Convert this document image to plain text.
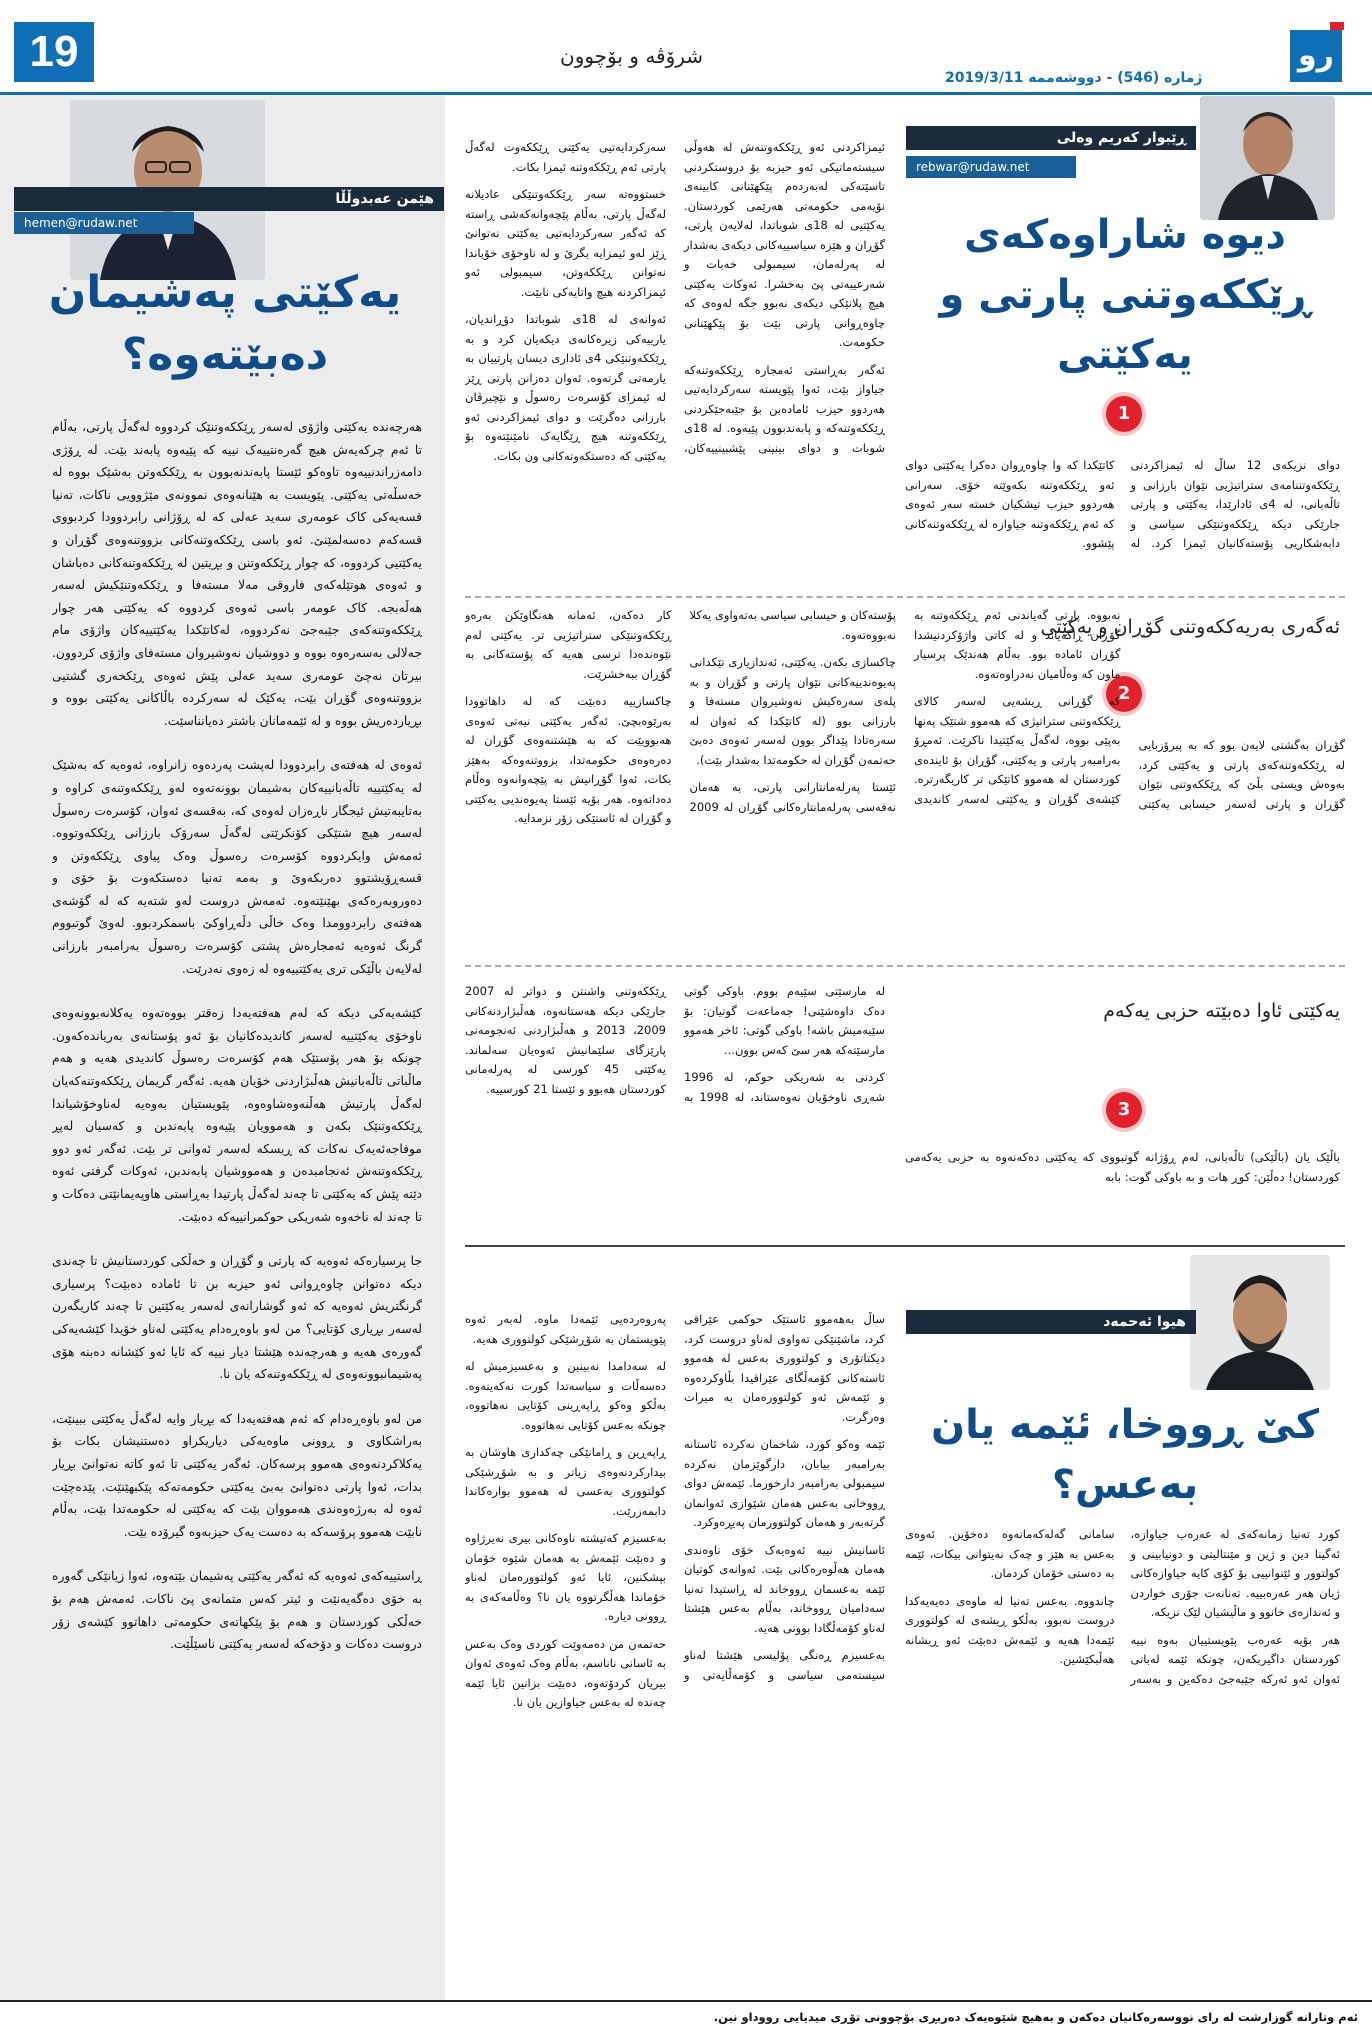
19	شرۆڤە و بۆچوون
ژمارە (546) - دووشەممە 2019/3/11
رو
هێمن عەبدوڵڵا
hemen@rudaw.net
یەکێتی پەشیمان دەبێتەوە؟

هەرچەندە یەکێتی واژۆی لەسەر ڕێککەوتنێک کردووە لەگەڵ پارتی، بەڵام تا ئەم چرکەیەش هیچ گەرەنتییەک نییە کە پێیەوە پابەند بێت. لە ڕۆژی دامەزراندنییەوە تاوەکو ئێستا پابەندنەبوون بە ڕێککەوتن بەشێک بووە لە خەسڵەتی یەکێتی. پێویست بە هێنانەوەی نموونەی مێژوویی ناکات، تەنیا قسەیەکی کاک عومەری سەید عەلی کە لە ڕۆژانی رابردوودا کردبووی قسەکەم دەسەلمێنێ. ئەو باسی ڕێککەوتنەکانی بزووتنەوەی گۆڕان و یەکێتیی کردووە، کە چوار ڕێککەوتنن و بڕیتین لە ڕێککەوتنەکانی دەباشان و ئەوەی هوتێلەکەی فاروقی مەلا مستەفا و ڕێککەوتنێکیش لەسەر هەڵەبجە. کاک عومەر باسی ئەوەی کردووە کە یەکێتی هەر چوار ڕێککەوتنەکەی جێبەجێ نەکردووە، لەکاتێکدا یەکێتییەکان واژۆی مام جەلالی بەسەرەوە بووە و دووشیان نەوشیروان مستەفای واژۆی کردوون. بیرتان نەچێ عومەری سەید عەلی پێش ئەوەی ڕێکخەری گشتیی بزووتنەوەی گۆڕان بێت، یەکێک لە سەرکردە باڵاکانی یەکێتی بووە و بڕیاردەریش بووە و لە ئێمەمانان باشتر دەیانناسێت.

ئەوەی لە هەفتەی رابردوودا لەپشت پەردەوە زانراوە، ئەوەیە کە بەشێک لە یەکێتییە تاڵەبانییەکان بەشیمان بوونەتەوە لەو ڕێککەوتنەی کراوە و بەتایبەتیش ئیجگار ناڕەزان لەوەی کە، بەقسەی ئەوان، کۆسرەت رەسوڵ لەسەر هیچ شتێکی کۆنکرێتی لەگەڵ سەرۆک بارزانی ڕێککەوتووە. ئەمەش وایکردووە کۆسرەت رەسوڵ وەک پیاوی ڕێککەوتن و قسەڕۆیشتوو دەربکەوێ و بەمە تەنیا دەستکەوت بۆ خۆی و دەوروبەرەکەی بهێنێتەوە. ئەمەش دروست لەو شتەیە کە لە گۆشەی هەفتەی رابردوومدا وەک خاڵی دڵەڕاوکێ باسمکردبوو. لەوێ گوتبووم گرنگ ئەوەیە ئەمجارەش پشتی کۆسرەت رەسوڵ بەرامبەر بارزانی لەلایەن باڵێکی تری یەکێتییەوە لە زەوی نەدرێت.

کێشەیەکی دیکە کە لەم هەفتەیەدا زەقتر بووەتەوە یەکلانەبوونەوەی ناوخۆی یەکێتییە لەسەر کاندیدەکانیان بۆ ئەو پۆستانەی بەریاندەکەون. چونکە بۆ هەر پۆستێک هەم کۆسرەت رەسوڵ کاندیدی هەیە و هەم ماڵباتی تاڵەبانیش هەڵبژاردنی خۆیان هەیە. ئەگەر گریمان ڕێککەوتنەکەیان لەگەڵ پارتیش هەڵنەوەشاوەوە، پێویستیان بەوەیە لەناوخۆشیاندا ڕێککەوتنێک بکەن و هەموویان پێیەوە پابەندبن و کەسیان لەپڕ موفاجەئەیەک نەکات کە ڕیسکە لەسەر ئەوانی تر بێت. ئەگەر ئەو دوو ڕێککەوتنەش ئەنجامبدەن و هەمووشیان پابەندبن، ئەوکات گرفتی ئەوە دێتە پێش کە یەکێتی تا چەند لەگەڵ پارتیدا بەڕاستی هاوپەیمانێتی دەکات و تا چەند لە ناخەوە شەریکی حوکمرانییەکە دەبێت.

جا پرسیارەکە ئەوەیە کە پارتی و گۆڕان و خەڵکی کوردستانیش تا چەندی دیکە دەتوانن چاوەڕوانی ئەو حیزبە بن تا ئامادە دەبێت؟ پرسیاری گرنگتریش ئەوەیە کە ئەو گوشارانەی لەسەر یەکێتین تا چەند کاریگەرن لەسەر بڕیاری کۆتایی؟ من لەو باوەڕەدام یەکێتی لەناو خۆیدا کێشەیەکی گەورەی هەیە و هەرچەندە هێشتا دیار نییە کە ئایا ئەو کێشانە دەبنە هۆی پەشیمانبوونەوەی لە ڕێککەوتنەکە یان نا.

من لەو باوەڕەدام کە ئەم هەفتەیەدا کە بڕیار وایە لەگەڵ یەکێتی ببینێت، بەراشکاوی و ڕوونی ماوەیەکی دیاریکراو دەستنیشان بکات بۆ یەکلاکردنەوەی هەموو پرسەکان. ئەگەر یەکێتی تا ئەو کاتە نەتوانێ بڕیار بدات، ئەوا پارتی دەتوانێ بەبێ یەکێتی حکومەتەکە پێکبهێنێت. پێدەچێت ئەوە لە بەرژەوەندی هەمووان بێت کە یەکێتی لە حکومەتدا بێت، بەڵام نابێت هەموو پرۆسەکە بە دەست یەک حیزبەوە گیرۆدە بێت.

ڕاستییەکەی ئەوەیە کە ئەگەر یەکێتی پەشیمان بێتەوە، ئەوا زیانێکی گەورە بە خۆی دەگەیەنێت و ئیتر کەس متمانەی پێ ناکات. ئەمەش هەم بۆ خەڵکی کوردستان و هەم بۆ پێکهاتەی حکومەتی داهاتوو کێشەی زۆر دروست دەکات و دۆخەکە لەسەر یەکێتی ناسێڵێت.

ڕێبوار کەریم وەلی
rebwar@rudaw.net
دیوە شاراوەکەی ڕێککەوتنی پارتی و یەکێتی
1

دوای نزیکەی 12 ساڵ لە ئیمزاکردنی ڕێککەوتننامەی ستراتیژیی نێوان بارزانی و تاڵەبانی، لە 4ی ئادارێدا، یەکێتی و پارتی جارێکی دیکە ڕێککەوتنێکی سیاسی و دابەشکاریی پۆستەکانیان ئیمزا کرد. لە کاتێکدا کە وا چاوەڕوان دەکرا یەکێتی دوای ئەو ڕێککەوتنە بکەوێتە خۆی. سەرانی هەردوو حیزب تیشکیان خستە سەر ئەوەی کە ئەم ڕێککەوتنە جیاوازە لە ڕێککەوتنەکانی پێشوو.

ئیمزاکردنی ئەو ڕێککەوتنەش لە هەوڵی سیستەماتیکی ئەو حیزبە بۆ دروستکردنی تاسێتەکی لەبەردەم پێکهێنانی کابینەی نۆیەمی حکومەتی هەرێمی کوردستان. یەکێتیی لە 18ی شوباتدا، لەلایەن پارتی، گۆڕان و هێزە سیاسییەکانی دیکەی بەشدار لە پەرلەمان، سیمبولی خەبات و شەرعییەتی پێ بەخشرا. ئەوکات یەکێتی هیچ پلانێکی دیکەی نەبوو جگە لەوەی کە چاوەڕوانی پارتی بێت بۆ پێکهێنانی حکومەت.

ئەگەر بەڕاستی ئەمجارە ڕێککەوتنەکە جیاواز بێت، ئەوا پێویستە سەرکردایەتیی هەردوو حیزب ئامادەبن بۆ جێبەجێکردنی ڕێککەوتنەکە و پابەندبوون پێیەوە. لە 18ی شوبات و دوای بینینی پێشبینییەکان، سەرکردایەتیی یەکێتی ڕێککەوت لەگەڵ پارتی ئەم ڕێککەوتنە ئیمزا بکات.

خستووەتە سەر ڕێککەوتنێکی عادیلانە لەگەڵ پارتی، بەڵام پێچەوانەکەشی ڕاستە کە ئەگەر سەرکردایەتیی یەکێتی نەتوانێ ڕێز لەو ئیمزایە بگرێ و لە ناوخۆی خۆیاندا نەتوانن ڕێککەوتن، سیمبولی ئەو ئیمزاکردنە هیچ واتایەکی نابێت.

ئەوانەی لە 18ی شوباتدا دۆڕاندیان، یارییەکی زیرەکانەی دیکەیان کرد و بە ڕێککەوتنێکی 4ی ئاداری دیسان پارتییان بە یارمەتی گرتەوە. ئەوان دەزانن پارتی ڕێز لە ئیمزای کۆسرەت رەسوڵ و نێچیرڤان بارزانی دەگرێت و دوای ئیمزاکردنی ئەو ڕێککەوتنە هیچ ڕێگایەک نامێنێتەوە بۆ یەکێتی کە دەستکەوتەکانی ون بکات.

ئەگەری بەریەککەوتنی گۆڕان و یەکێتی
2

گۆڕان بەگشتی لایەن بوو کە بە پیرۆزبایی لە ڕێککەوتنەکەی پارتی و یەکێتی کرد، بەوەش ویستی بڵێ کە ڕێککەوتنی نێوان گۆڕان و پارتی لەسەر حیسابی یەکێتی نەبووە. پارتی گەیاندنی ئەم ڕێککەوتنە بە گۆڕان ڕاگەیاند و لە کاتی واژۆکردنیشدا گۆڕان ئامادە بوو. بەڵام هەندێک پرسیار ماون کە وەڵامیان نەدراوەتەوە.

کە گۆڕانی ڕیشەیی لەسەر کالای ڕێککەوتنی ستراتیژی کە هەموو شتێک پەنها بەپێی بووە، لەگەڵ یەکێتیدا ناکرێت. ئەمڕۆ بەرامبەر پارتی و یەکێتی، گۆڕان بۆ ئایندەی کوردستان لە هەموو کاتێکی تر کاریگەرترە. کێشەی گۆڕان و یەکێتی لەسەر کاندیدی پۆستەکان و حیسابی سیاسی بەتەواوی یەکلا نەبووەتەوە.

چاکسازی بکەن. یەکێتی، ئەندازیاری تێکدانی پەیوەندییەکانی نێوان پارتی و گۆڕان و بە پلەی سەرەکیش نەوشیروان مستەفا و بارزانی بوو (لە کاتێکدا کە ئەوان لە سەرەتادا پێداگر بوون لەسەر ئەوەی دەبێ حەتمەن گۆڕان لە حکومەتدا بەشدار بێت).

ئێستا پەرلەمانتارانی پارتی، بە هەمان نەفەسی پەرلەمانتارەکانی گۆڕان لە 2009 کار دەکەن، ئەمانە هەنگاوێکن بەرەو ڕێککەوتنێکی ستراتیژیی تر. یەکێتی لەم نێوەندەدا ترسی هەیە کە پۆستەکانی بە گۆڕان ببەخشرێت.

چاکسازییە دەبێت کە لە داهاتوودا بەرێوەبچێ. ئەگەر یەکێتی نیەتی ئەوەی هەبووبێت کە بە هێشتنەوەی گۆڕان لە دەرەوەی حکومەتدا، بزووتنەوەکە بەهێز بکات، ئەوا گۆڕانیش بە پێچەوانەوە وەڵام دەداتەوە. هەر بۆیە ئێستا پەیوەندیی یەکێتی و گۆڕان لە ئاستێکی زۆر نزمدایە.

یەکێتی ئاوا دەبێتە حزبی یەکەم
3

باڵێک یان (باڵێکی) تاڵەبانی، لەم ڕۆژانە گوتبووی کە یەکێتی دەکەنەوە بە حزبی یەکەمی کوردستان! دەڵێن: کوڕ هات و بە باوکی گوت: بابە

لە مارسێتی سێیەم بووم. باوکی گوتی دەک داوەشێنی! جەماعەت گوتیان: بۆ سێیەمیش باشە! باوکی گوتی: ئاخر هەموو مارسێتەکە هەر سێ کەس بوون...

کردنی بە شەریکی حوکم، لە 1996 شەڕی ناوخۆیان نەوەستاند، لە 1998 بە ڕێککەوتنی واشنتن و دواتر لە 2007 جارێکی دیکە هەستانەوە، هەڵبژاردنەکانی 2009، 2013 و هەڵبژاردنی ئەنجومەنی پارێزگای سلێمانیش ئەوەیان سەلماند. یەکێتی 45 کورسی لە پەرلەمانی کوردستان هەبوو و ئێستا 21 کورسییە.

هیوا ئەحمەد
کێ ڕووخا، ئێمە یان بەعس؟

کورد تەنیا زمانەکەی لە عەرەب جیاوازە، ئەگینا دین و ژین و مێنتالیتی و دونیابینی و کولتوور و ئێنوانییی بۆ کۆی کایە جیاوازەکانی ژیان هەر عەرەبییە. تەنانەت جۆری خواردن و ئەندازەی خانوو و ماڵیشیان لێک نزیکە.

هەر بۆیە عەرەب پێویستییان بەوە نییە کوردستان داگیربکەن، چونکە ئێمە لەباتی ئەوان ئەو ئەرکە جێبەجێ دەکەین و بەسەر سامانی گەلەکەمانەوە دەخۆین. ئەوەی بەعس بە هێز و چەک نەیتوانی بیکات، ئێمە بە دەستی خۆمان کردمان.

چاندووە. بەعس تەنیا لە ماوەی دەیەیەکدا دروست نەبوو، بەڵکو ڕیشەی لە کولتووری ئێمەدا هەیە و ئێمەش دەبێت ئەو ڕیشانە هەڵبکێشین.

ساڵ بەهەموو ئاستێک حوکمی عێراقی کرد، ماشێنێکی تەواوی لەناو دروست کرد، دیکتاتۆری و کولتووری بەعس لە هەموو ئاستەکانی کۆمەڵگای عێراقیدا بڵاوکردەوە و ئێمەش ئەو کولتوورەمان بە میرات وەرگرت.

ئێمە وەکو کورد، شاخمان نەکردە ئاستانە بەرامبەر بیابان، دارگوێزمان نەکردە سیمبولی بەرامبەر دارخورما. ئێمەش دوای ڕووخانی بەعس هەمان شێوازی ئەوانمان گرتەبەر و هەمان کولتوورمان پەیڕەوکرد.

ئاسانیش نییە ئەوەیەک خۆی ناوەندی هەمان هەڵوەرەکانی بێت. ئەوانەی کوتیان ئێمە بەعسمان ڕووخاند لە ڕاستیدا تەنیا سەدامیان ڕووخاند، بەڵام بەعس هێشتا لەناو کۆمەڵگادا بوونی هەیە.

بەعسیزم ڕەنگی پۆلیسی هێشتا لەناو سیستەمی سیاسی و کۆمەڵایەتی و پەروەردەیی ئێمەدا ماوە. لەبەر ئەوە پێویستمان بە شۆڕشێکی کولتووری هەیە.

لە سەدامدا نەبینین و بەعسیزمیش لە دەسەڵات و سیاسەتدا کورت نەکەینەوە. بەڵکو وەکو ڕاپەڕینی کۆتایی نەهاتووە، چونکە بەعس کۆتایی نەهاتووە.

ڕاپەڕین و ڕامانێکی چەکداری هاوشان بە بیدارکردنەوەی زیاتر و بە شۆڕشێکی کولتووری بەعسی لە هەموو بوارەکاندا دابمەزرێت.

بەعسیزم کەتیشتە ناوەکانی بیری نەیرژاوە و دەبێت ئێمەش بە هەمان شێوە خۆمان بپشکنین، ئایا ئەو کولتوورەمان لەناو خۆماندا هەڵگرتووە یان نا؟ وەڵامەکەی بە ڕوونی دیارە.

حەتمەن من دەمەوێت کوردی وەک بەعس بە ئاسانی ناناسم، بەڵام وەک ئەوەی ئەوان بیریان کردۆتەوە، دەبێت بزانین ئایا ئێمە چەندە لە بەعس جیاوازین یان نا.

ئەم وتارانە گوزارشت لە رای نووسەرەکانیان دەکەن و بەهیچ شێوەیەک دەربڕی بۆچوونی تۆڕی میدیایی رووداو نین.
